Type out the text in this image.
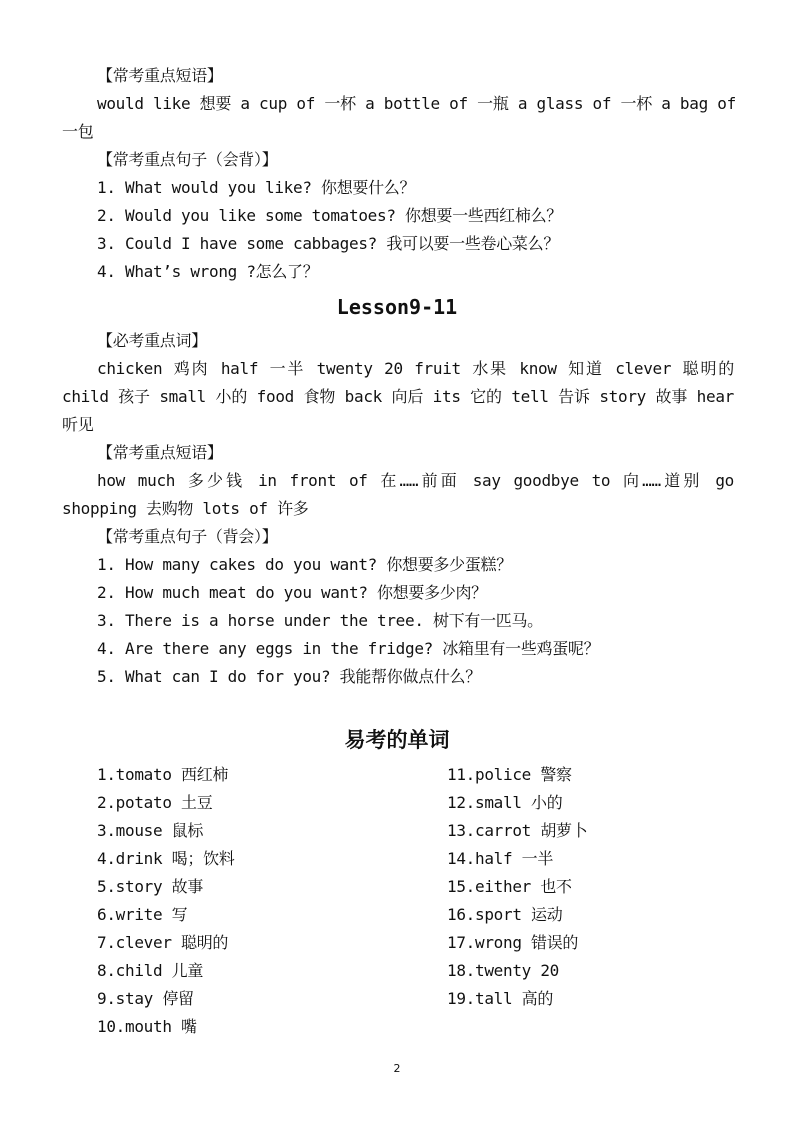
【常考重点短语】
would like 想要 a cup of 一杯 a bottle of 一瓶 a glass of 一杯 a bag of
一包
【常考重点句子（会背）】
1. What would you like? 你想要什么？
2. Would you like some tomatoes? 你想要一些西红柿么？
3. Could I have some cabbages? 我可以要一些卷心菜么？
4. What’s wrong ?怎么了？
Lesson9-11
【必考重点词】
chicken 鸡肉 half 一半 twenty 20 fruit 水果 know 知道 clever 聪明的
child 孩子 small 小的 food 食物 back 向后 its 它的 tell 告诉 story 故事 hear
听见
【常考重点短语】
how much 多少钱 in front of 在……前面 say goodbye to 向……道别 go
shopping 去购物 lots of 许多
【常考重点句子（背会）】
1. How many cakes do you want? 你想要多少蛋糕？
2. How much meat do you want? 你想要多少肉？
3. There is a horse under the tree. 树下有一匹马。
4. Are there any eggs in the fridge? 冰箱里有一些鸡蛋呢？
5. What can I do for you? 我能帮你做点什么？
易考的单词
1.tomato 西红柿
2.potato 土豆
3.mouse 鼠标
4.drink 喝；饮料
5.story 故事
6.write 写
7.clever 聪明的
8.child 儿童
9.stay 停留
10.mouth 嘴
11.police 警察
12.small 小的
13.carrot 胡萝卜
14.half 一半
15.either 也不
16.sport 运动
17.wrong 错误的
18.twenty 20
19.tall 高的
2
